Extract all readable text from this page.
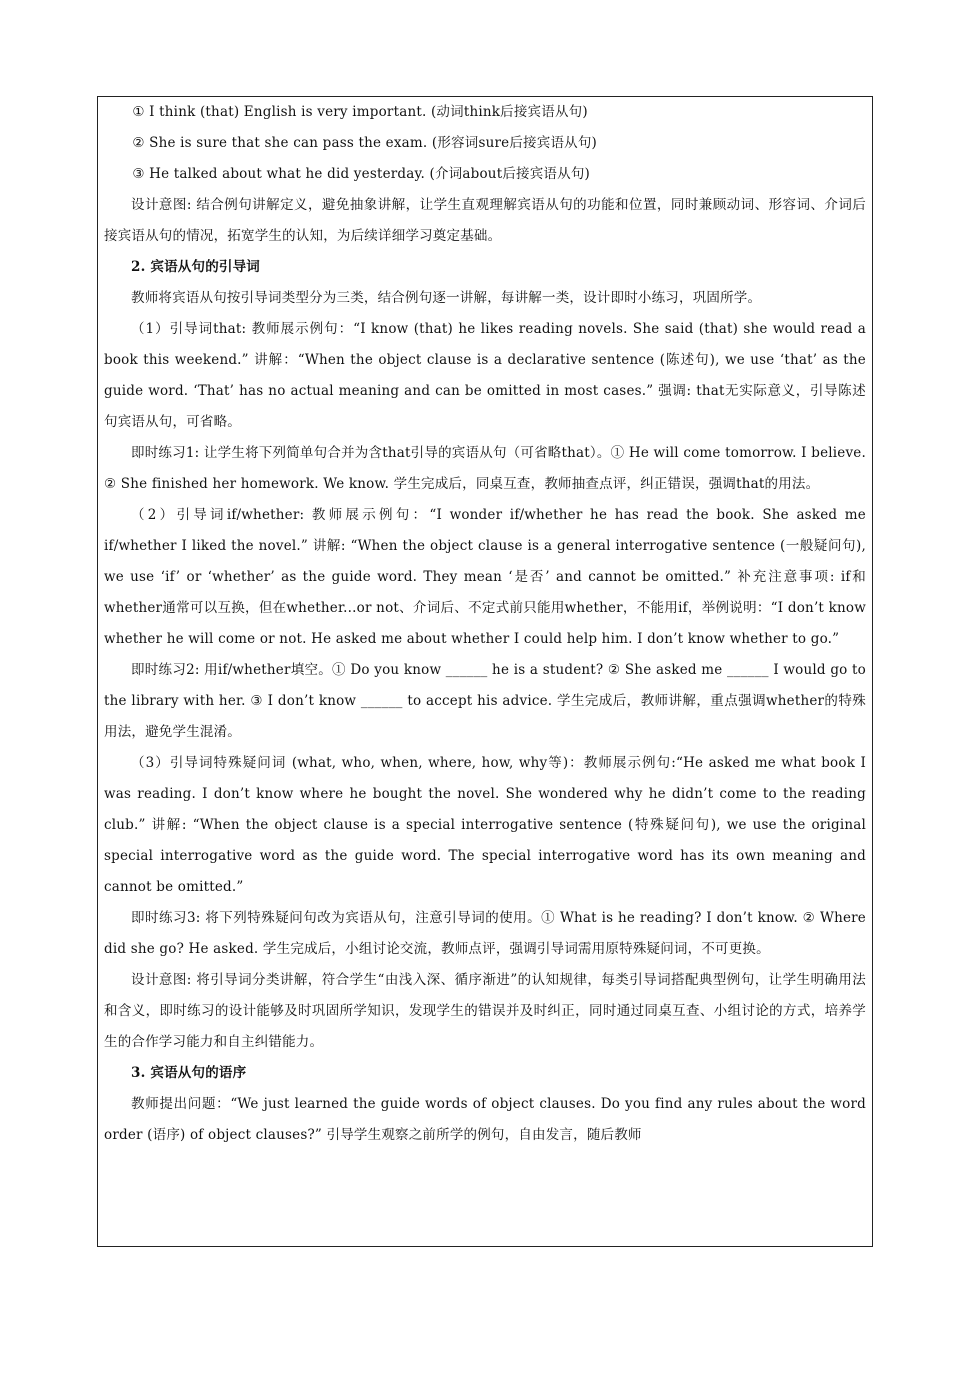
① I think (that) English is very important. (动词think后接宾语从句)

② She is sure that she can pass the exam. (形容词sure后接宾语从句)

③ He talked about what he did yesterday. (介词about后接宾语从句)

设计意图: 结合例句讲解定义，避免抽象讲解，让学生直观理解宾语从句的功能和位置，同时兼顾动词、形容词、介词后接宾语从句的情况，拓宽学生的认知，为后续详细学习奠定基础。

2. 宾语从句的引导词

教师将宾语从句按引导词类型分为三类，结合例句逐一讲解，每讲解一类，设计即时小练习，巩固所学。

（1）引导词that: 教师展示例句：“I know (that) he likes reading novels. She said (that) she would read a book this weekend.” 讲解：“When the object clause is a declarative sentence (陈述句), we use ‘that’ as the guide word. ‘That’ has no actual meaning and can be omitted in most cases.” 强调: that无实际意义，引导陈述句宾语从句，可省略。

即时练习1: 让学生将下列简单句合并为含that引导的宾语从句（可省略that）。① He will come tomorrow. I believe. ② She finished her homework. We know. 学生完成后，同桌互查，教师抽查点评，纠正错误，强调that的用法。

（2）引导词if/whether: 教师展示例句：“I wonder if/whether he has read the book. She asked me if/whether I liked the novel.” 讲解: “When the object clause is a general interrogative sentence (一般疑问句), we use ‘if’ or ‘whether’ as the guide word. They mean ‘是否’ and cannot be omitted.” 补充注意事项: if和whether通常可以互换，但在whether...or not、介词后、不定式前只能用whether，不能用if，举例说明：“I don’t know whether he will come or not. He asked me about whether I could help him. I don’t know whether to go.”

即时练习2: 用if/whether填空。① Do you know ______ he is a student? ② She asked me ______ I would go to the library with her. ③ I don’t know ______ to accept his advice. 学生完成后，教师讲解，重点强调whether的特殊用法，避免学生混淆。

（3）引导词特殊疑问词 (what, who, when, where, how, why等)：教师展示例句:“He asked me what book I was reading. I don’t know where he bought the novel. She wondered why he didn’t come to the reading club.” 讲解: “When the object clause is a special interrogative sentence (特殊疑问句), we use the original special interrogative word as the guide word. The special interrogative word has its own meaning and cannot be omitted.”

即时练习3: 将下列特殊疑问句改为宾语从句，注意引导词的使用。① What is he reading? I don’t know. ② Where did she go? He asked. 学生完成后，小组讨论交流，教师点评，强调引导词需用原特殊疑问词，不可更换。

设计意图: 将引导词分类讲解，符合学生“由浅入深、循序渐进”的认知规律，每类引导词搭配典型例句，让学生明确用法和含义，即时练习的设计能够及时巩固所学知识，发现学生的错误并及时纠正，同时通过同桌互查、小组讨论的方式，培养学生的合作学习能力和自主纠错能力。

3. 宾语从句的语序

教师提出问题：“We just learned the guide words of object clauses. Do you find any rules about the word order (语序) of object clauses?” 引导学生观察之前所学的例句，自由发言，随后教师
